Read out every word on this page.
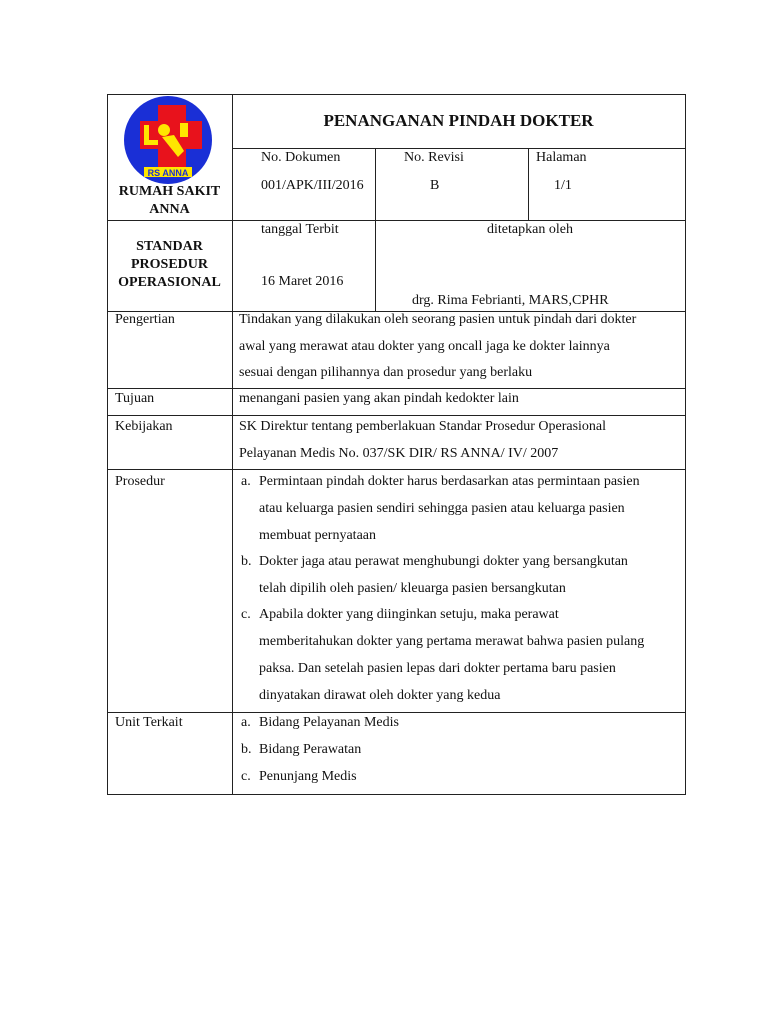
RS ANNA
RUMAH SAKIT
ANNA
STANDAR
PROSEDUR
OPERASIONAL
PENANGANAN PINDAH DOKTER
No. Dokumen
001/APK/III/2016
No. Revisi
B
Halaman
1/1
tanggal Terbit
16 Maret 2016
ditetapkan oleh
drg. Rima Febrianti, MARS,CPHR
Pengertian	Tindakan yang dilakukan oleh seorang pasien untuk pindah dari dokter
awal yang merawat atau dokter yang oncall jaga ke dokter lainnya
sesuai dengan pilihannya dan prosedur yang berlaku
Tujuan	menangani pasien yang akan pindah kedokter lain
Kebijakan	SK Direktur tentang pemberlakuan Standar Prosedur Operasional
Pelayanan Medis No. 037/SK DIR/ RS ANNA/ IV/ 2007
Prosedur	a. Permintaan pindah dokter harus berdasarkan atas permintaan pasien
atau keluarga pasien sendiri sehingga pasien atau keluarga pasien
membuat pernyataan
b. Dokter jaga atau perawat menghubungi dokter yang bersangkutan
telah dipilih oleh pasien/ kleuarga pasien bersangkutan
c. Apabila dokter yang diinginkan setuju, maka perawat
memberitahukan dokter yang pertama merawat bahwa pasien pulang
paksa. Dan setelah pasien lepas dari dokter pertama baru pasien
dinyatakan dirawat oleh dokter yang kedua
Unit Terkait	a. Bidang Pelayanan Medis
b. Bidang Perawatan
c. Penunjang Medis
